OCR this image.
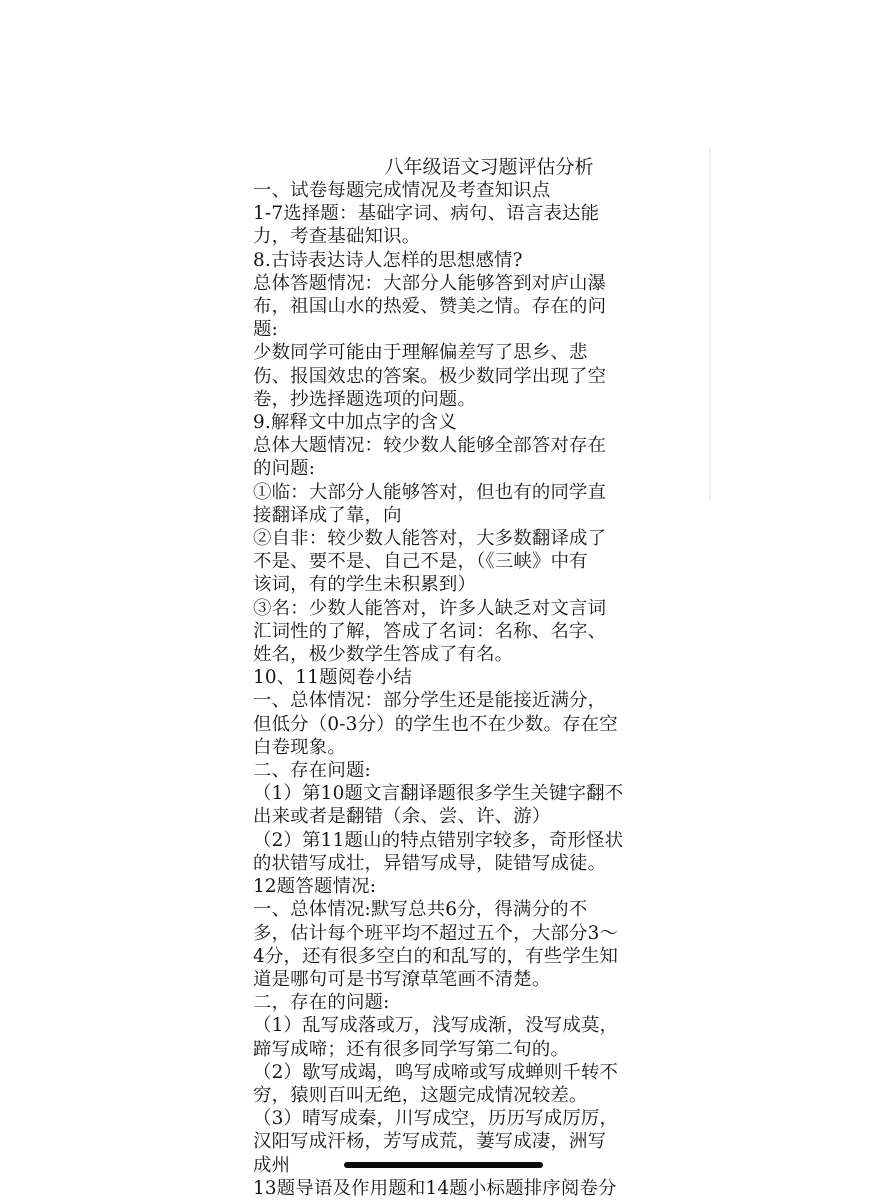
八年级语文习题评估分析
一、试卷每题完成情况及考查知识点
1-7选择题：基础字词、病句、语言表达能
力，考查基础知识。
8.古诗表达诗人怎样的思想感情?
总体答题情况：大部分人能够答到对庐山瀑
布，祖国山水的热爱、赞美之情。存在的问
题:
少数同学可能由于理解偏差写了思乡、悲
伤、报国效忠的答案。极少数同学出现了空
卷，抄选择题选项的问题。
9.解释文中加点字的含义
总体大题情况：较少数人能够全部答对存在
的问题:
①临：大部分人能够答对，但也有的同学直
接翻译成了靠，向
②自非：较少数人能答对，大多数翻译成了
不是、要不是、自己不是，（《三峡》中有
该词，有的学生未积累到）
③名：少数人能答对，许多人缺乏对文言词
汇词性的了解，答成了名词：名称、名字、
姓名，极少数学生答成了有名。
10、11题阅卷小结
一、总体情况：部分学生还是能接近满分，
但低分（0-3分）的学生也不在少数。存在空
白卷现象。
二、存在问题:
（1）第10题文言翻译题很多学生关键字翻不
出来或者是翻错（余、尝、许、游）
（2）第11题山的特点错别字较多，奇形怪状
的状错写成壮，异错写成导，陡错写成徒。
12题答题情况:
一、总体情况:默写总共6分，得满分的不
多，估计每个班平均不超过五个，大部分3～
4分，还有很多空白的和乱写的，有些学生知
道是哪句可是书写潦草笔画不清楚。
二，存在的问题:
（1）乱写成落或万，浅写成渐，没写成莫，
蹄写成啼；还有很多同学写第二句的。
（2）歇写成竭，鸣写成啼或写成蝉则千转不
穷，猿则百叫无绝，这题完成情况较差。
（3）晴写成秦，川写成空，历历写成厉厉，
汉阳写成汗杨，芳写成荒，萋写成凄，洲写
成州
13题导语及作用题和14题小标题排序阅卷分
